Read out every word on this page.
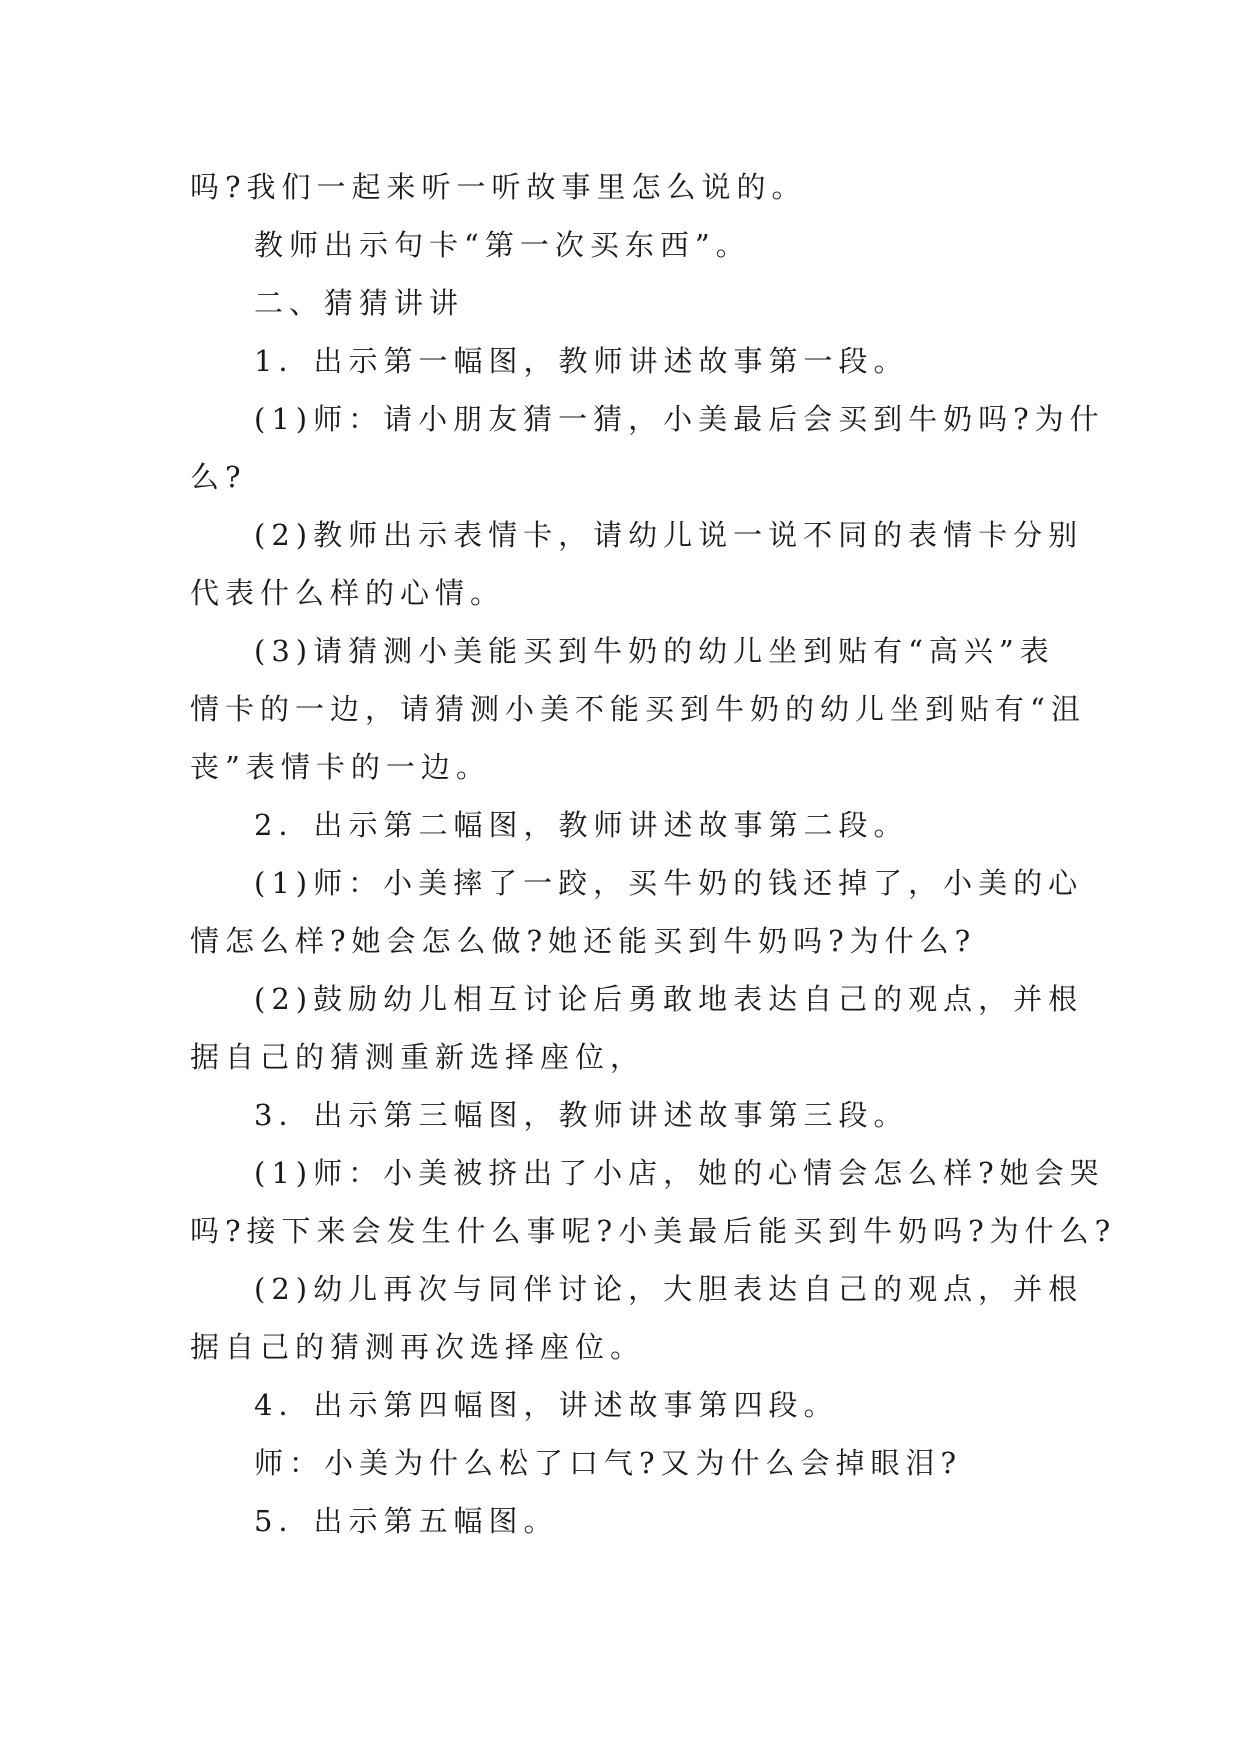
吗?我们一起来听一听故事里怎么说的。
教师出示句卡“第一次买东西”。
二、猜猜讲讲
1．出示第一幅图，教师讲述故事第一段。
(1)师：请小朋友猜一猜，小美最后会买到牛奶吗?为什
么?
(2)教师出示表情卡，请幼儿说一说不同的表情卡分别
代表什么样的心情。
(3)请猜测小美能买到牛奶的幼儿坐到贴有“高兴”表
情卡的一边，请猜测小美不能买到牛奶的幼儿坐到贴有“沮
丧”表情卡的一边。
2．出示第二幅图，教师讲述故事第二段。
(1)师：小美摔了一跤，买牛奶的钱还掉了，小美的心
情怎么样?她会怎么做?她还能买到牛奶吗?为什么?
(2)鼓励幼儿相互讨论后勇敢地表达自己的观点，并根
据自己的猜测重新选择座位，
3．出示第三幅图，教师讲述故事第三段。
(1)师：小美被挤出了小店，她的心情会怎么样?她会哭
吗?接下来会发生什么事呢?小美最后能买到牛奶吗?为什么?
(2)幼儿再次与同伴讨论，大胆表达自己的观点，并根
据自己的猜测再次选择座位。
4．出示第四幅图，讲述故事第四段。
师：小美为什么松了口气?又为什么会掉眼泪?
5．出示第五幅图。
